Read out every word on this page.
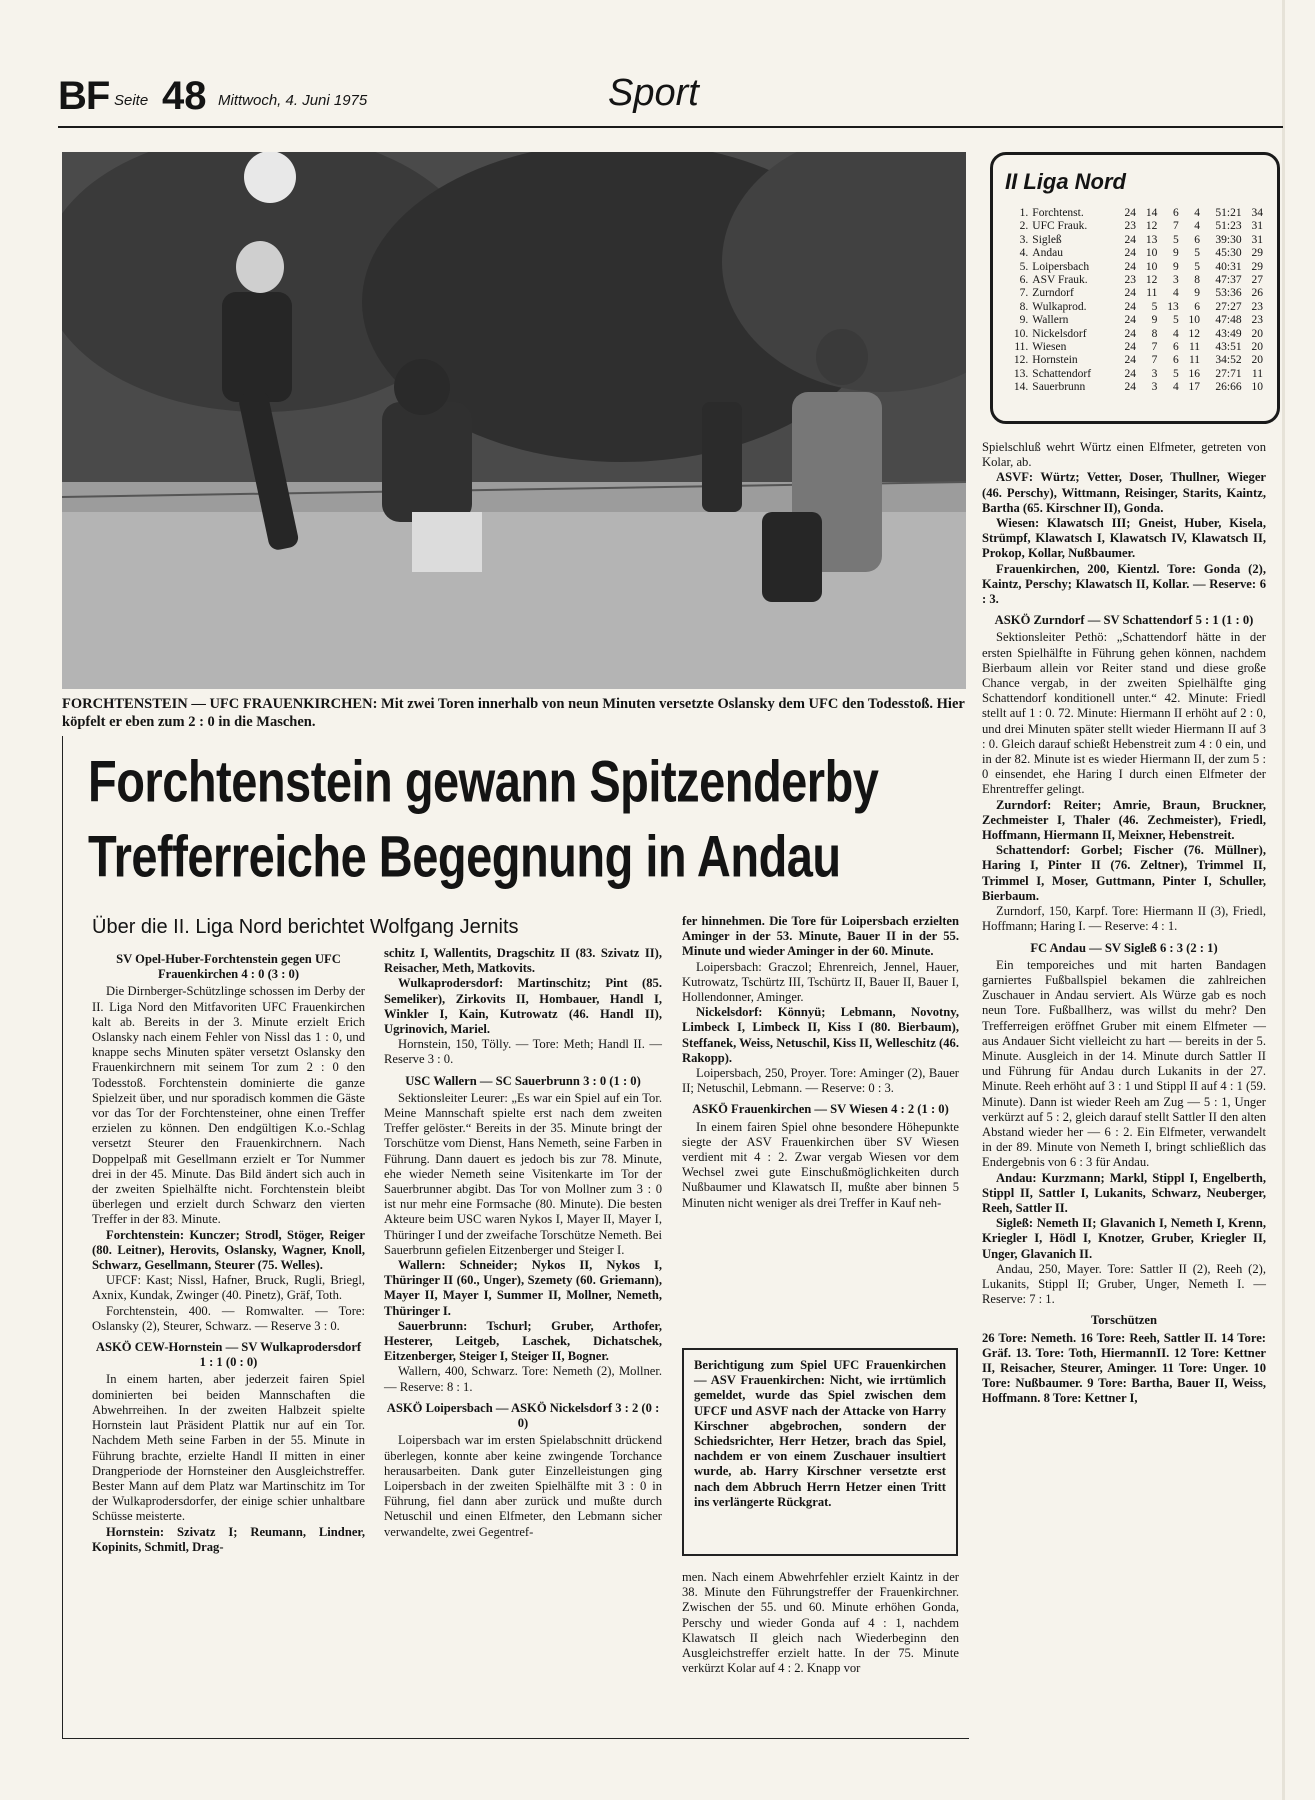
BF Seite 48 Mittwoch, 4. Juni 1975	Sport
FORCHTENSTEIN — UFC FRAUENKIRCHEN: Mit zwei Toren innerhalb von neun Minuten versetzte Oslansky dem UFC den Todesstoß. Hier köpfelt er eben zum 2 : 0 in die Maschen.
Forchtenstein gewann Spitzenderby
Trefferreiche Begegnung in Andau
Über die II. Liga Nord berichtet Wolfgang Jernits
II Liga Nord
1.	Forchtenst.	24	14	6	4	51:21	34
2.	UFC Frauk.	23	12	7	4	51:23	31
3.	Sigleß	24	13	5	6	39:30	31
4.	Andau	24	10	9	5	45:30	29
5.	Loipersbach	24	10	9	5	40:31	29
6.	ASV Frauk.	23	12	3	8	47:37	27
7.	Zurndorf	24	11	4	9	53:36	26
8.	Wulkaprod.	24	5	13	6	27:27	23
9.	Wallern	24	9	5	10	47:48	23
10.	Nickelsdorf	24	8	4	12	43:49	20
11.	Wiesen	24	7	6	11	43:51	20
12.	Hornstein	24	7	6	11	34:52	20
13.	Schattendorf	24	3	5	16	27:71	11
14.	Sauerbrunn	24	3	4	17	26:66	10

SV Opel-Huber-Forchtenstein gegen UFC Frauenkirchen 4 : 0 (3 : 0)

Die Dirnberger-Schützlinge schossen im Derby der II. Liga Nord den Mitfavoriten UFC Frauenkirchen kalt ab. Bereits in der 3. Minute erzielt Erich Oslansky nach einem Fehler von Nissl das 1 : 0, und knappe sechs Minuten später versetzt Oslansky den Frauenkirchnern mit seinem Tor zum 2 : 0 den Todesstoß. Forchtenstein dominierte die ganze Spielzeit über, und nur sporadisch kommen die Gäste vor das Tor der Forchtensteiner, ohne einen Treffer erzielen zu können. Den endgültigen K.o.-Schlag versetzt Steurer den Frauenkirchnern. Nach Doppelpaß mit Gesellmann erzielt er Tor Nummer drei in der 45. Minute. Das Bild ändert sich auch in der zweiten Spielhälfte nicht. Forchtenstein bleibt überlegen und erzielt durch Schwarz den vierten Treffer in der 83. Minute.

Forchtenstein: Kunczer; Strodl, Stöger, Reiger (80. Leitner), Herovits, Oslansky, Wagner, Knoll, Schwarz, Gesellmann, Steurer (75. Welles).

UFCF: Kast; Nissl, Hafner, Bruck, Rugli, Briegl, Axnix, Kundak, Zwinger (40. Pinetz), Gräf, Toth.

Forchtenstein, 400. — Romwalter. — Tore: Oslansky (2), Steurer, Schwarz. — Reserve 3 : 0.

ASKÖ CEW-Hornstein — SV Wulkaprodersdorf 1 : 1 (0 : 0)

In einem harten, aber jederzeit fairen Spiel dominierten bei beiden Mannschaften die Abwehrreihen. In der zweiten Halbzeit spielte Hornstein laut Präsident Plattik nur auf ein Tor. Nachdem Meth seine Farben in der 55. Minute in Führung brachte, erzielte Handl II mitten in einer Drangperiode der Hornsteiner den Ausgleichstreffer. Bester Mann auf dem Platz war Martinschitz im Tor der Wulkaprodersdorfer, der einige schier unhaltbare Schüsse meisterte.

Hornstein: Szivatz I; Reumann, Lindner, Kopinits, Schmitl, Drag-

schitz I, Wallentits, Dragschitz II (83. Szivatz II), Reisacher, Meth, Matkovits.

Wulkaprodersdorf: Martinschitz; Pint (85. Semeliker), Zirkovits II, Hombauer, Handl I, Winkler I, Kain, Kutrowatz (46. Handl II), Ugrinovich, Mariel.

Hornstein, 150, Tölly. — Tore: Meth; Handl II. — Reserve 3 : 0.

USC Wallern — SC Sauerbrunn 3 : 0 (1 : 0)

Sektionsleiter Leurer: „Es war ein Spiel auf ein Tor. Meine Mannschaft spielte erst nach dem zweiten Treffer gelöster.“ Bereits in der 35. Minute bringt der Torschütze vom Dienst, Hans Nemeth, seine Farben in Führung. Dann dauert es jedoch bis zur 78. Minute, ehe wieder Nemeth seine Visitenkarte im Tor der Sauerbrunner abgibt. Das Tor von Mollner zum 3 : 0 ist nur mehr eine Formsache (80. Minute). Die besten Akteure beim USC waren Nykos I, Mayer II, Mayer I, Thüringer I und der zweifache Torschütze Nemeth. Bei Sauerbrunn gefielen Eitzenberger und Steiger I.

Wallern: Schneider; Nykos II, Nykos I, Thüringer II (60., Unger), Szemety (60. Griemann), Mayer II, Mayer I, Summer II, Mollner, Nemeth, Thüringer I.

Sauerbrunn: Tschurl; Gruber, Arthofer, Hesterer, Leitgeb, Laschek, Dichatschek, Eitzenberger, Steiger I, Steiger II, Bogner.

Wallern, 400, Schwarz. Tore: Nemeth (2), Mollner. — Reserve: 8 : 1.

ASKÖ Loipersbach — ASKÖ Nickelsdorf 3 : 2 (0 : 0)

Loipersbach war im ersten Spielabschnitt drückend überlegen, konnte aber keine zwingende Torchance herausarbeiten. Dank guter Einzelleistungen ging Loipersbach in der zweiten Spielhälfte mit 3 : 0 in Führung, fiel dann aber zurück und mußte durch Netuschil und einen Elfmeter, den Lebmann sicher verwandelte, zwei Gegentref-

fer hinnehmen. Die Tore für Loipersbach erzielten Aminger in der 53. Minute, Bauer II in der 55. Minute und wieder Aminger in der 60. Minute.

Loipersbach: Graczol; Ehrenreich, Jennel, Hauer, Kutrowatz, Tschürtz III, Tschürtz II, Bauer II, Bauer I, Hollendonner, Aminger.

Nickelsdorf: Könnyü; Lebmann, Novotny, Limbeck I, Limbeck II, Kiss I (80. Bierbaum), Steffanek, Weiss, Netuschil, Kiss II, Welleschitz (46. Rakopp).

Loipersbach, 250, Proyer. Tore: Aminger (2), Bauer II; Netuschil, Lebmann. — Reserve: 0 : 3.

ASKÖ Frauenkirchen — SV Wiesen 4 : 2 (1 : 0)

In einem fairen Spiel ohne besondere Höhepunkte siegte der ASV Frauenkirchen über SV Wiesen verdient mit 4 : 2. Zwar vergab Wiesen vor dem Wechsel zwei gute Einschußmöglichkeiten durch Nußbaumer und Klawatsch II, mußte aber binnen 5 Minuten nicht weniger als drei Treffer in Kauf neh-

Berichtigung zum Spiel UFC Frauenkirchen — ASV Frauenkirchen: Nicht, wie irrtümlich gemeldet, wurde das Spiel zwischen dem UFCF und ASVF nach der Attacke von Harry Kirschner abgebrochen, sondern der Schiedsrichter, Herr Hetzer, brach das Spiel, nachdem er von einem Zuschauer insultiert wurde, ab. Harry Kirschner versetzte erst nach dem Abbruch Herrn Hetzer einen Tritt ins verlängerte Rückgrat.

men. Nach einem Abwehrfehler erzielt Kaintz in der 38. Minute den Führungstreffer der Frauenkirchner. Zwischen der 55. und 60. Minute erhöhen Gonda, Perschy und wieder Gonda auf 4 : 1, nachdem Klawatsch II gleich nach Wiederbeginn den Ausgleichstreffer erzielt hatte. In der 75. Minute verkürzt Kolar auf 4 : 2. Knapp vor

Spielschluß wehrt Würtz einen Elfmeter, getreten von Kolar, ab.

ASVF: Würtz; Vetter, Doser, Thullner, Wieger (46. Perschy), Wittmann, Reisinger, Starits, Kaintz, Bartha (65. Kirschner II), Gonda.

Wiesen: Klawatsch III; Gneist, Huber, Kisela, Strümpf, Klawatsch I, Klawatsch IV, Klawatsch II, Prokop, Kollar, Nußbaumer.

Frauenkirchen, 200, Kientzl. Tore: Gonda (2), Kaintz, Perschy; Klawatsch II, Kollar. — Reserve: 6 : 3.

ASKÖ Zurndorf — SV Schattendorf 5 : 1 (1 : 0)

Sektionsleiter Pethö: „Schattendorf hätte in der ersten Spielhälfte in Führung gehen können, nachdem Bierbaum allein vor Reiter stand und diese große Chance vergab, in der zweiten Spielhälfte ging Schattendorf konditionell unter.“ 42. Minute: Friedl stellt auf 1 : 0. 72. Minute: Hiermann II erhöht auf 2 : 0, und drei Minuten später stellt wieder Hiermann II auf 3 : 0. Gleich darauf schießt Hebenstreit zum 4 : 0 ein, und in der 82. Minute ist es wieder Hiermann II, der zum 5 : 0 einsendet, ehe Haring I durch einen Elfmeter der Ehrentreffer gelingt.

Zurndorf: Reiter; Amrie, Braun, Bruckner, Zechmeister I, Thaler (46. Zechmeister), Friedl, Hoffmann, Hiermann II, Meixner, Hebenstreit.

Schattendorf: Gorbel; Fischer (76. Müllner), Haring I, Pinter II (76. Zeltner), Trimmel II, Trimmel I, Moser, Guttmann, Pinter I, Schuller, Bierbaum.

Zurndorf, 150, Karpf. Tore: Hiermann II (3), Friedl, Hoffmann; Haring I. — Reserve: 4 : 1.

FC Andau — SV Sigleß 6 : 3 (2 : 1)

Ein temporeiches und mit harten Bandagen garniertes Fußballspiel bekamen die zahlreichen Zuschauer in Andau serviert. Als Würze gab es noch neun Tore. Fußballherz, was willst du mehr? Den Trefferreigen eröffnet Gruber mit einem Elfmeter — aus Andauer Sicht vielleicht zu hart — bereits in der 5. Minute. Ausgleich in der 14. Minute durch Sattler II und Führung für Andau durch Lukanits in der 27. Minute. Reeh erhöht auf 3 : 1 und Stippl II auf 4 : 1 (59. Minute). Dann ist wieder Reeh am Zug — 5 : 1, Unger verkürzt auf 5 : 2, gleich darauf stellt Sattler II den alten Abstand wieder her — 6 : 2. Ein Elfmeter, verwandelt in der 89. Minute von Nemeth I, bringt schließlich das Endergebnis von 6 : 3 für Andau.

Andau: Kurzmann; Markl, Stippl I, Engelberth, Stippl II, Sattler I, Lukanits, Schwarz, Neuberger, Reeh, Sattler II.

Sigleß: Nemeth II; Glavanich I, Nemeth I, Krenn, Kriegler I, Hödl I, Knotzer, Gruber, Kriegler II, Unger, Glavanich II.

Andau, 250, Mayer. Tore: Sattler II (2), Reeh (2), Lukanits, Stippl II; Gruber, Unger, Nemeth I. — Reserve: 7 : 1.

Torschützen

26 Tore: Nemeth. 16 Tore: Reeh, Sattler II. 14 Tore: Gräf. 13. Tore: Toth, HiermannII. 12 Tore: Kettner II, Reisacher, Steurer, Aminger. 11 Tore: Unger. 10 Tore: Nußbaumer. 9 Tore: Bartha, Bauer II, Weiss, Hoffmann. 8 Tore: Kettner I,
